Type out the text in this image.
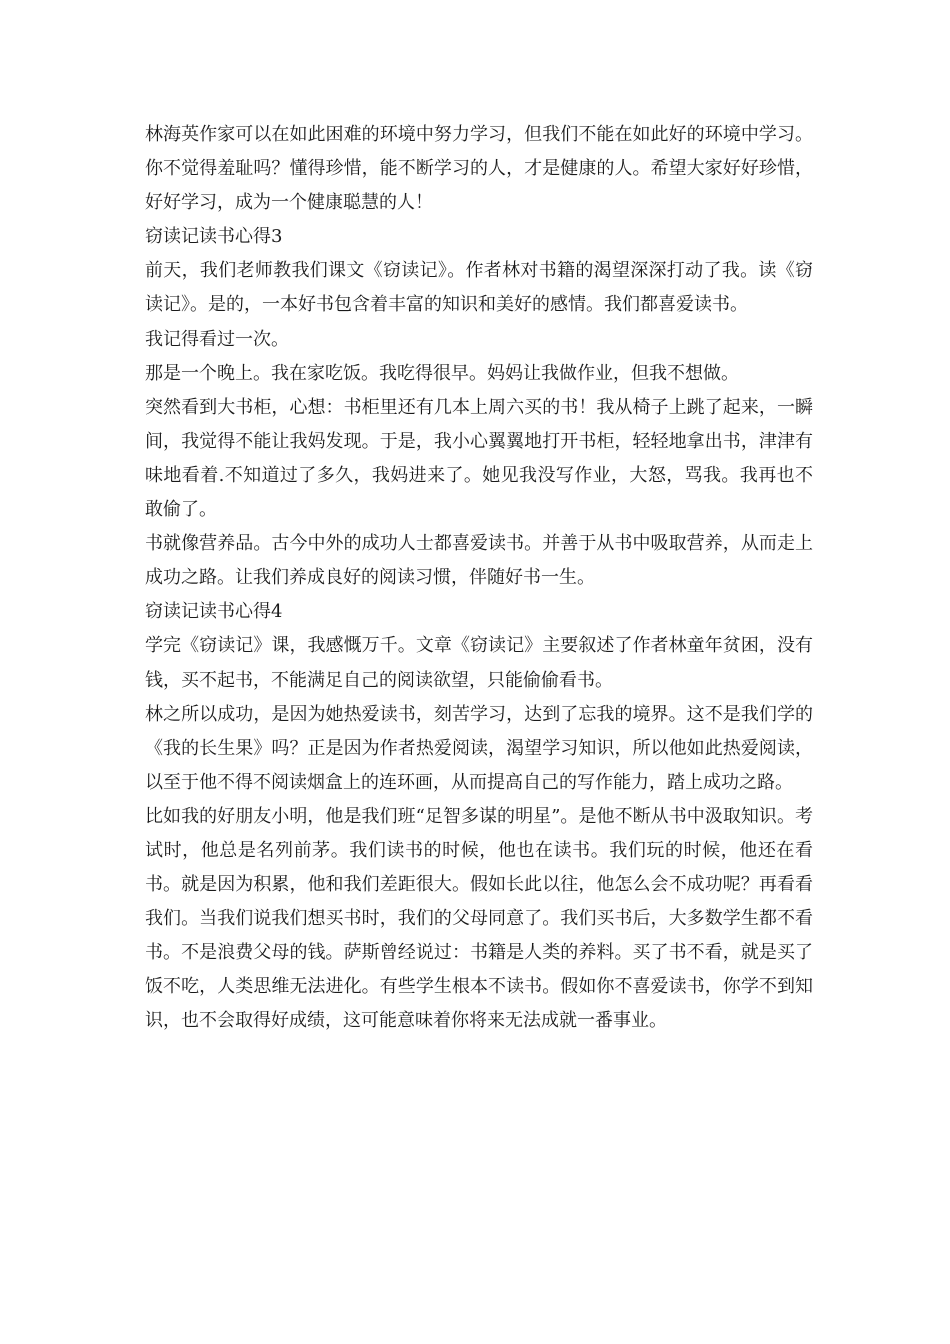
林海英作家可以在如此困难的环境中努力学习，但我们不能在如此好的环境中学习。你不觉得羞耻吗？懂得珍惜，能不断学习的人，才是健康的人。希望大家好好珍惜，好好学习，成为一个健康聪慧的人！

窃读记读书心得3

前天，我们老师教我们课文《窃读记》。作者林对书籍的渴望深深打动了我。读《窃读记》。是的，一本好书包含着丰富的知识和美好的感情。我们都喜爱读书。

我记得看过一次。

那是一个晚上。我在家吃饭。我吃得很早。妈妈让我做作业，但我不想做。

突然看到大书柜，心想：书柜里还有几本上周六买的书！我从椅子上跳了起来，一瞬间，我觉得不能让我妈发现。于是，我小心翼翼地打开书柜，轻轻地拿出书，津津有味地看着.不知道过了多久，我妈进来了。她见我没写作业，大怒，骂我。我再也不敢偷了。

书就像营养品。古今中外的成功人士都喜爱读书。并善于从书中吸取营养，从而走上成功之路。让我们养成良好的阅读习惯，伴随好书一生。

窃读记读书心得4

学完《窃读记》课，我感慨万千。文章《窃读记》主要叙述了作者林童年贫困，没有钱，买不起书，不能满足自己的阅读欲望，只能偷偷看书。

林之所以成功，是因为她热爱读书，刻苦学习，达到了忘我的境界。这不是我们学的《我的长生果》吗？正是因为作者热爱阅读，渴望学习知识，所以他如此热爱阅读，以至于他不得不阅读烟盒上的连环画，从而提高自己的写作能力，踏上成功之路。

比如我的好朋友小明，他是我们班“足智多谋的明星”。是他不断从书中汲取知识。考试时，他总是名列前茅。我们读书的时候，他也在读书。我们玩的时候，他还在看书。就是因为积累，他和我们差距很大。假如长此以往，他怎么会不成功呢？再看看我们。当我们说我们想买书时，我们的父母同意了。我们买书后，大多数学生都不看书。不是浪费父母的钱。萨斯曾经说过：书籍是人类的养料。买了书不看，就是买了饭不吃，人类思维无法进化。有些学生根本不读书。假如你不喜爱读书，你学不到知识，也不会取得好成绩，这可能意味着你将来无法成就一番事业。
